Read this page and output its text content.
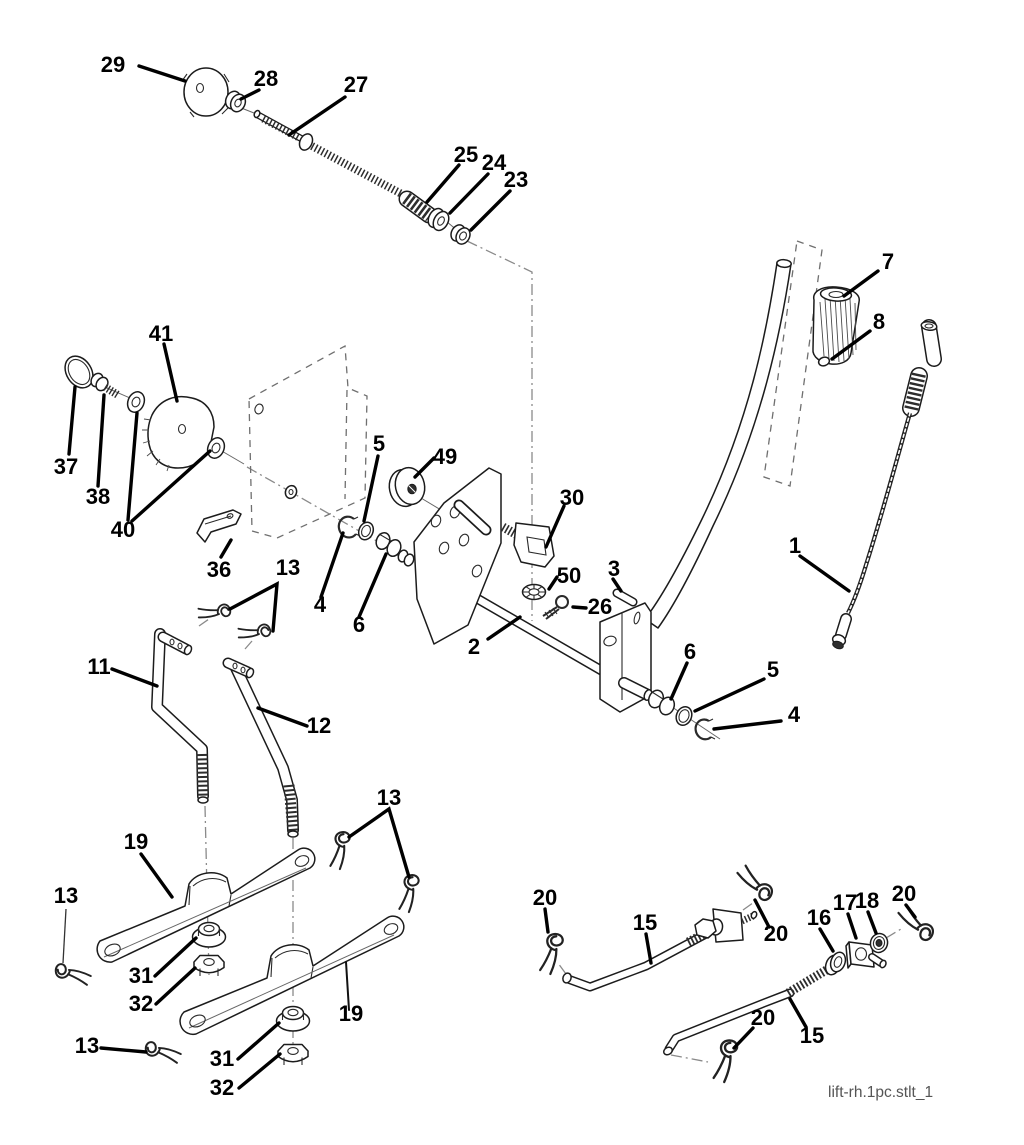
29
28	27
25 24
23
41
37
38
40
36 13
5
49
4
6
30
50
26
3
2
7
8
1
6
5
4
11
12
13
19
31
32
13
13
19
31
32
20
15	20
16
17
18 20
20
15
lift-rh.1pc.stlt_1
